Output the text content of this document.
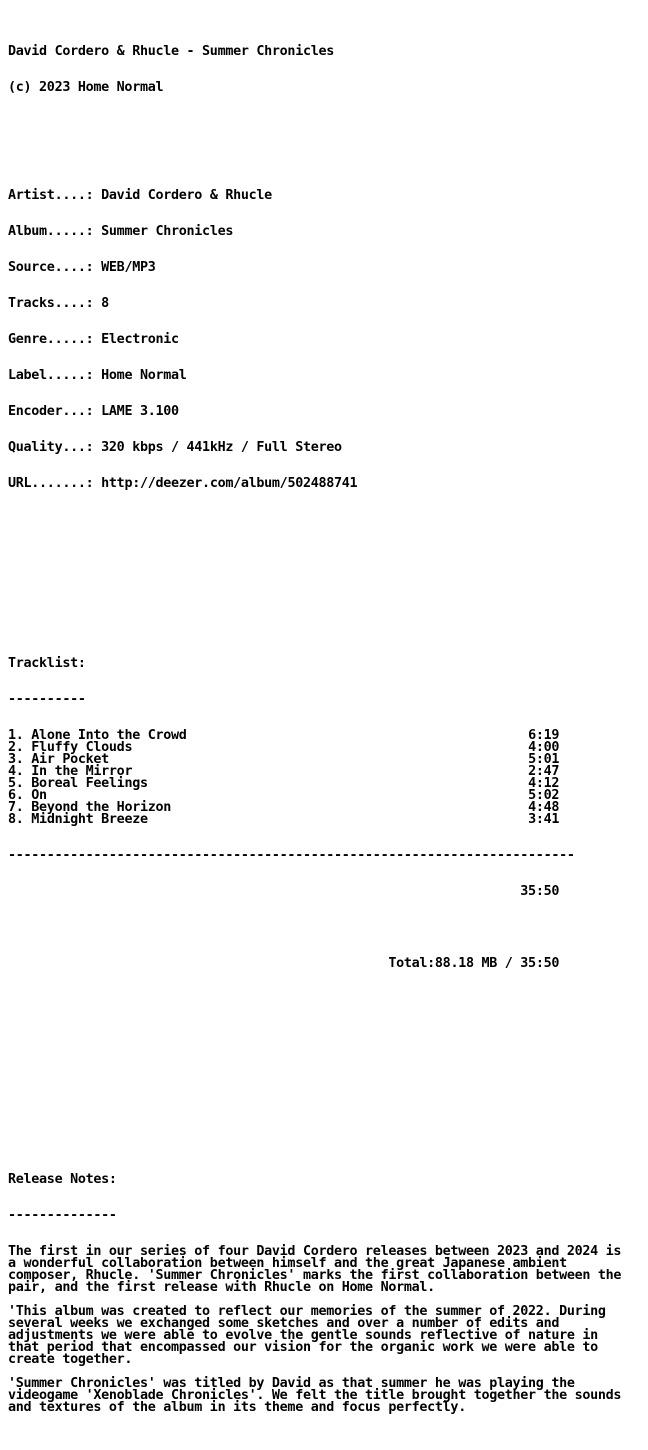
David Cordero & Rhucle - Summer Chronicles

(c) 2023 Home Normal

Artist....: David Cordero & Rhucle

Album.....: Summer Chronicles

Source....: WEB/MP3

Tracks....: 8

Genre.....: Electronic

Label.....: Home Normal

Encoder...: LAME 3.100

Quality...: 320 kbps / 441kHz / Full Stereo

URL.......: http://deezer.com/album/502488741

Tracklist:

----------

1. Alone Into the Crowd	6:19
2. Fluffy Clouds	4:00
3. Air Pocket	5:01
4. In the Mirror	2:47
5. Boreal Feelings	4:12
6. On	5:02
7. Beyond the Horizon	4:48
8. Midnight Breeze	3:41

-------------------------------------------------------------------------

35:50

Total:88.18 MB / 35:50

Release Notes:

--------------

The first in our series of four David Cordero releases between 2023 and 2024 is
a wonderful collaboration between himself and the great Japanese ambient
composer, Rhucle. 'Summer Chronicles' marks the first collaboration between the
pair, and the first release with Rhucle on Home Normal.
'This album was created to reflect our memories of the summer of 2022. During
several weeks we exchanged some sketches and over a number of edits and
adjustments we were able to evolve the gentle sounds reflective of nature in
that period that encompassed our vision for the organic work we were able to
create together.
'Summer Chronicles' was titled by David as that summer he was playing the
videogame 'Xenoblade Chronicles'. We felt the title brought together the sounds
and textures of the album in its theme and focus perfectly.
